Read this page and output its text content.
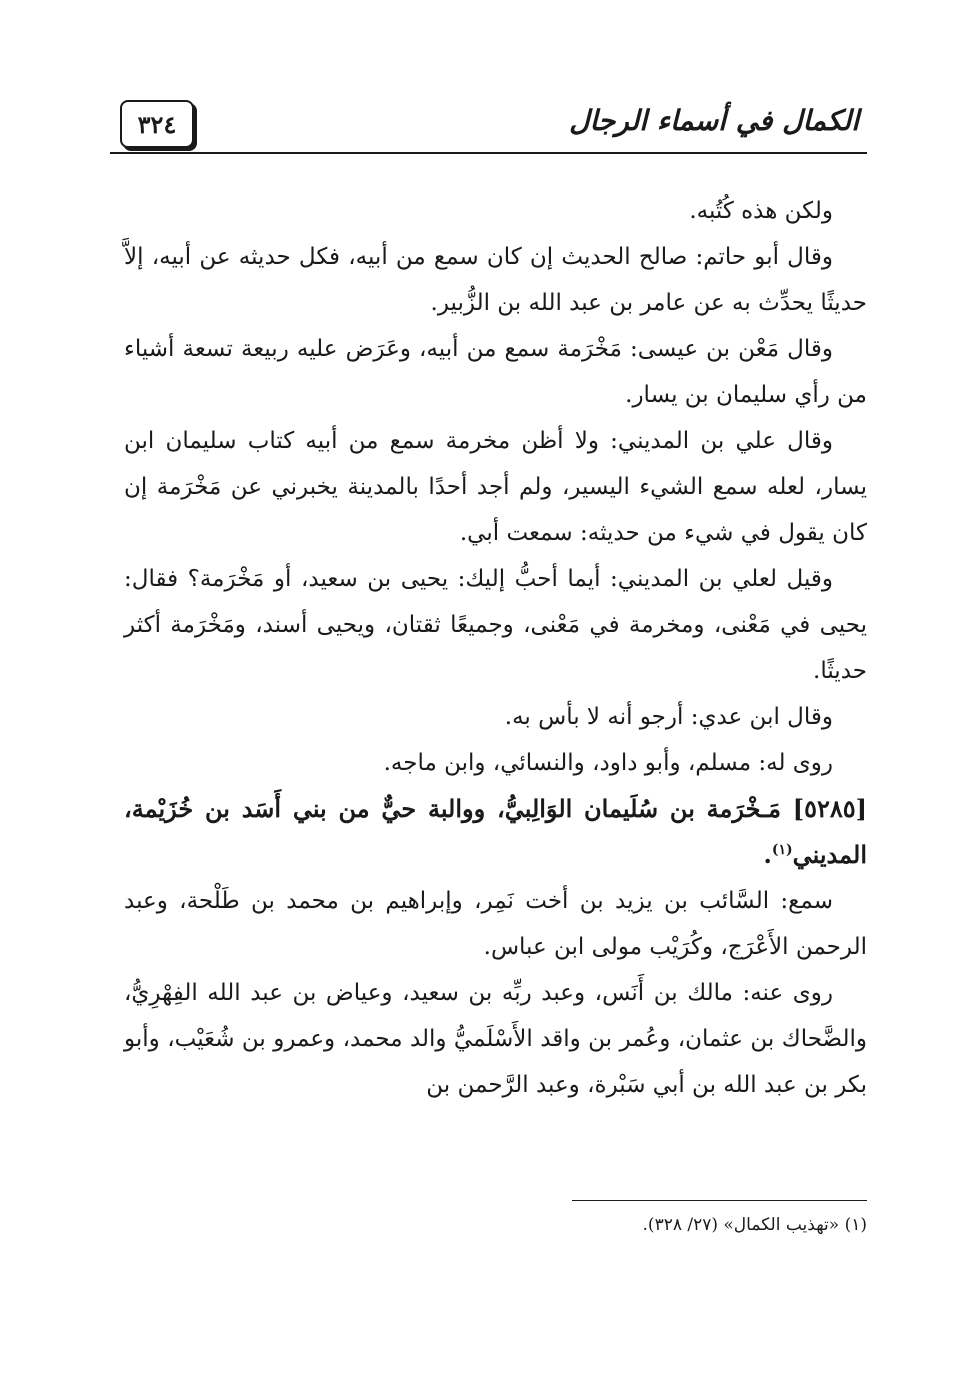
٣٢٤	الكمال في أسماء الرجال

ولكن هذه كُتُبه.

وقال أبو حاتم: صالح الحديث إن كان سمع من أبيه، فكل حديثه عن أبيه، إلاَّ حديثًا يحدِّث به عن عامر بن عبد الله بن الزُّبير.

وقال مَعْن بن عيسى: مَخْرَمة سمع من أبيه، وعَرَض عليه ربيعة تسعة أشياء من رأي سليمان بن يسار.

وقال علي بن المديني: ولا أظن مخرمة سمع من أبيه كتاب سليمان ابن يسار، لعله سمع الشيء اليسير، ولم أجد أحدًا بالمدينة يخبرني عن مَخْرَمة إن كان يقول في شيء من حديثه: سمعت أبي.

وقيل لعلي بن المديني: أيما أحبُّ إليك: يحيى بن سعيد، أو مَخْرَمة؟ فقال: يحيى في مَعْنى، ومخرمة في مَعْنى، وجميعًا ثقتان، ويحيى أسند، ومَخْرَمة أكثر حديثًا.

وقال ابن عدي: أرجو أنه لا بأس به.

روى له: مسلم، وأبو داود، والنسائي، وابن ماجه.

[٥٢٨٥] مَـخْرَمة بن سُلَيمان الوَالِبيُّ، ووالبة حيٌّ من بني أَسَد بن خُزَيْمة، المديني$^{(١)}$.

سمع: السَّائب بن يزيد بن أخت نَمِر، وإبراهيم بن محمد بن طَلْحة، وعبد الرحمن الأَعْرَج، وكُرَيْب مولى ابن عباس.

روى عنه: مالك بن أَنَس، وعبد ربِّه بن سعيد، وعياض بن عبد الله الفِهْرِيُّ، والضَّحاك بن عثمان، وعُمر بن واقد الأَسْلَميُّ والد محمد، وعمرو بن شُعَيْب، وأبو بكر بن عبد الله بن أبي سَبْرة، وعبد الرَّحمن بن

(١) «تهذيب الكمال» (٢٧/ ٣٢٨).
